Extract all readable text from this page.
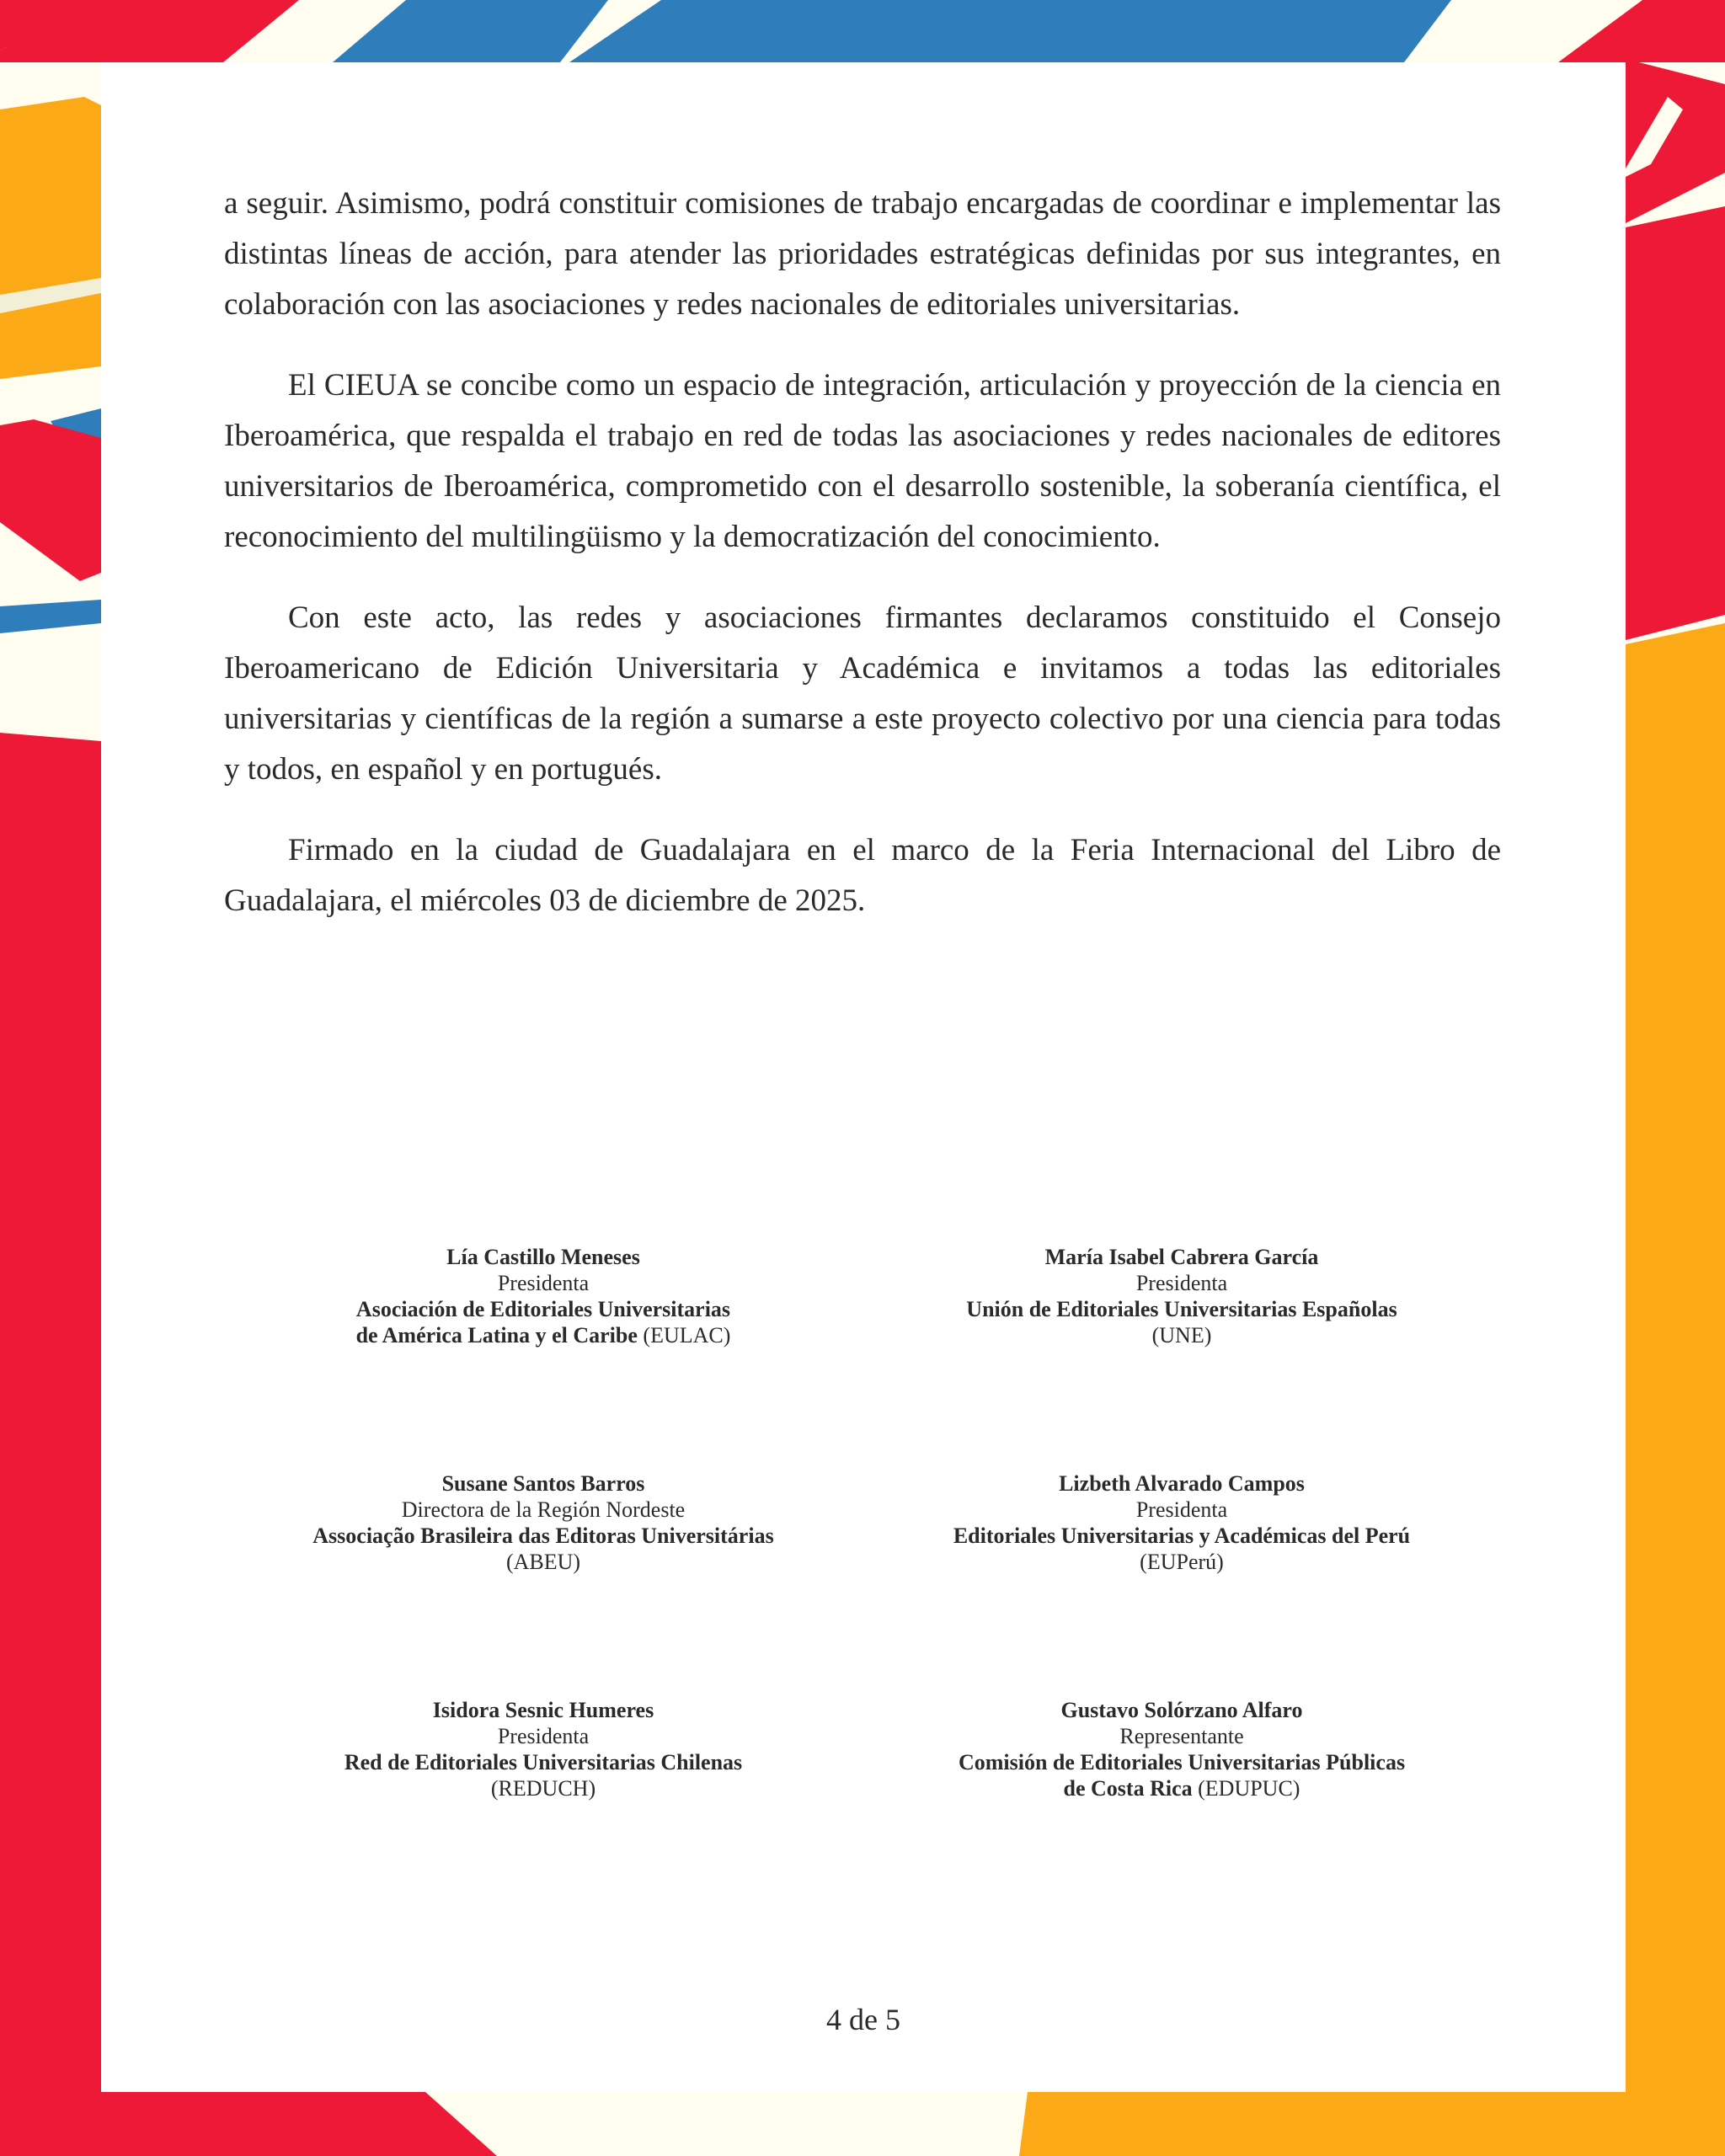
a seguir. Asimismo, podrá constituir comisiones de trabajo encargadas de coordinar e implementar las distintas líneas de acción, para atender las prioridades estratégicas definidas por sus integrantes, en colaboración con las asociaciones y redes nacionales de editoriales universitarias.

El CIEUA se concibe como un espacio de integración, articulación y proyección de la ciencia en Iberoamérica, que respalda el trabajo en red de todas las asociaciones y redes nacionales de editores universitarios de Iberoamérica, comprometido con el desarrollo sostenible, la soberanía científica, el reconocimiento del multilingüismo y la democratización del conocimiento.

Con este acto, las redes y asociaciones firmantes declaramos constituido el Consejo Iberoamericano de Edición Universitaria y Académica e invitamos a todas las editoriales universitarias y científicas de la región a sumarse a este proyecto colectivo por una ciencia para todas y todos, en español y en portugués.

Firmado en la ciudad de Guadalajara en el marco de la Feria Internacional del Libro de Guadalajara, el miércoles 03 de diciembre de 2025.

Lía Castillo Meneses
Presidenta
Asociación de Editoriales Universitarias
de América Latina y el Caribe (EULAC)
María Isabel Cabrera García
Presidenta
Unión de Editoriales Universitarias Españolas
(UNE)
Susane Santos Barros
Directora de la Región Nordeste
Associação Brasileira das Editoras Universitárias
(ABEU)
Lizbeth Alvarado Campos
Presidenta
Editoriales Universitarias y Académicas del Perú
(EUPerú)
Isidora Sesnic Humeres
Presidenta
Red de Editoriales Universitarias Chilenas
(REDUCH)
Gustavo Solórzano Alfaro
Representante
Comisión de Editoriales Universitarias Públicas
de Costa Rica (EDUPUC)
4 de 5
